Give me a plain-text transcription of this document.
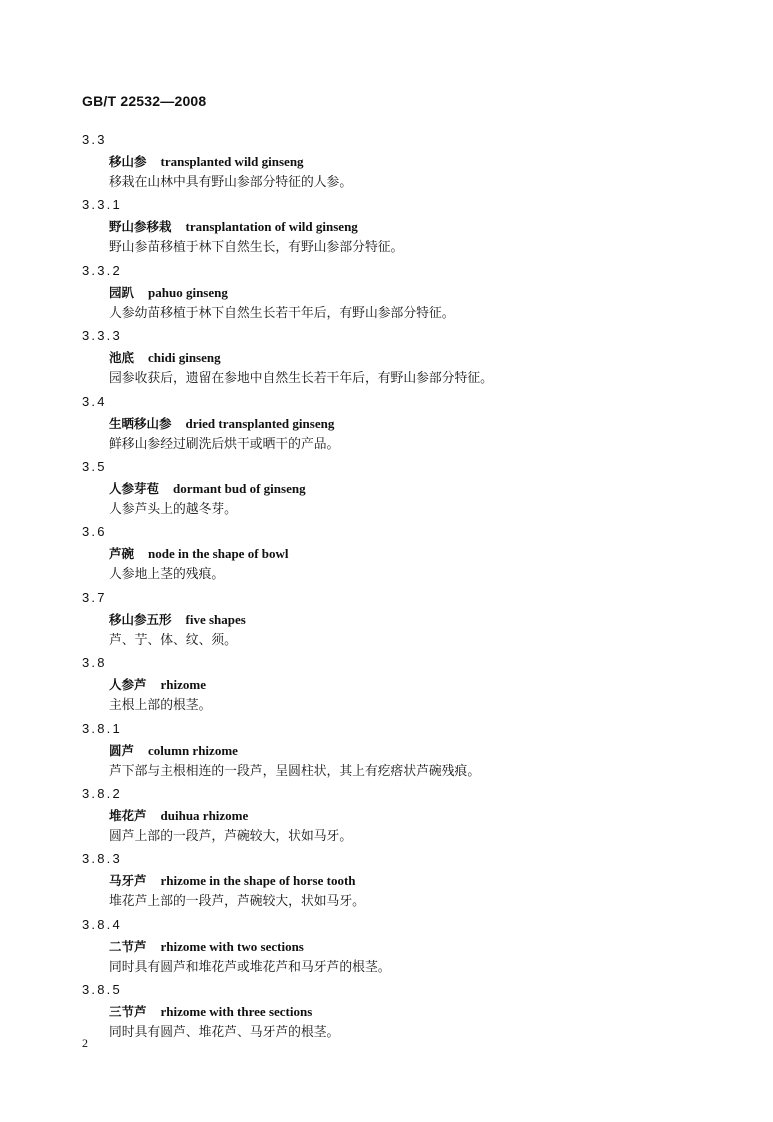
GB/T 22532—2008
3.3
移山参 transplanted wild ginseng
移栽在山林中具有野山参部分特征的人参。
3.3.1
野山参移栽 transplantation of wild ginseng
野山参苗移植于林下自然生长，有野山参部分特征。
3.3.2
园趴 pahuo ginseng
人参幼苗移植于林下自然生长若干年后，有野山参部分特征。
3.3.3
池底 chidi ginseng
园参收获后，遗留在参地中自然生长若干年后，有野山参部分特征。
3.4
生晒移山参 dried transplanted ginseng
鲜移山参经过刷洗后烘干或晒干的产品。
3.5
人参芽苞 dormant bud of ginseng
人参芦头上的越冬芽。
3.6
芦碗 node in the shape of bowl
人参地上茎的残痕。
3.7
移山参五形 five shapes
芦、艼、体、纹、须。
3.8
人参芦 rhizome
主根上部的根茎。
3.8.1
圆芦 column rhizome
芦下部与主根相连的一段芦，呈圆柱状，其上有疙瘩状芦碗残痕。
3.8.2
堆花芦 duihua rhizome
圆芦上部的一段芦，芦碗较大，状如马牙。
3.8.3
马牙芦 rhizome in the shape of horse tooth
堆花芦上部的一段芦，芦碗较大，状如马牙。
3.8.4
二节芦 rhizome with two sections
同时具有圆芦和堆花芦或堆花芦和马牙芦的根茎。
3.8.5
三节芦 rhizome with three sections
同时具有圆芦、堆花芦、马牙芦的根茎。
2
